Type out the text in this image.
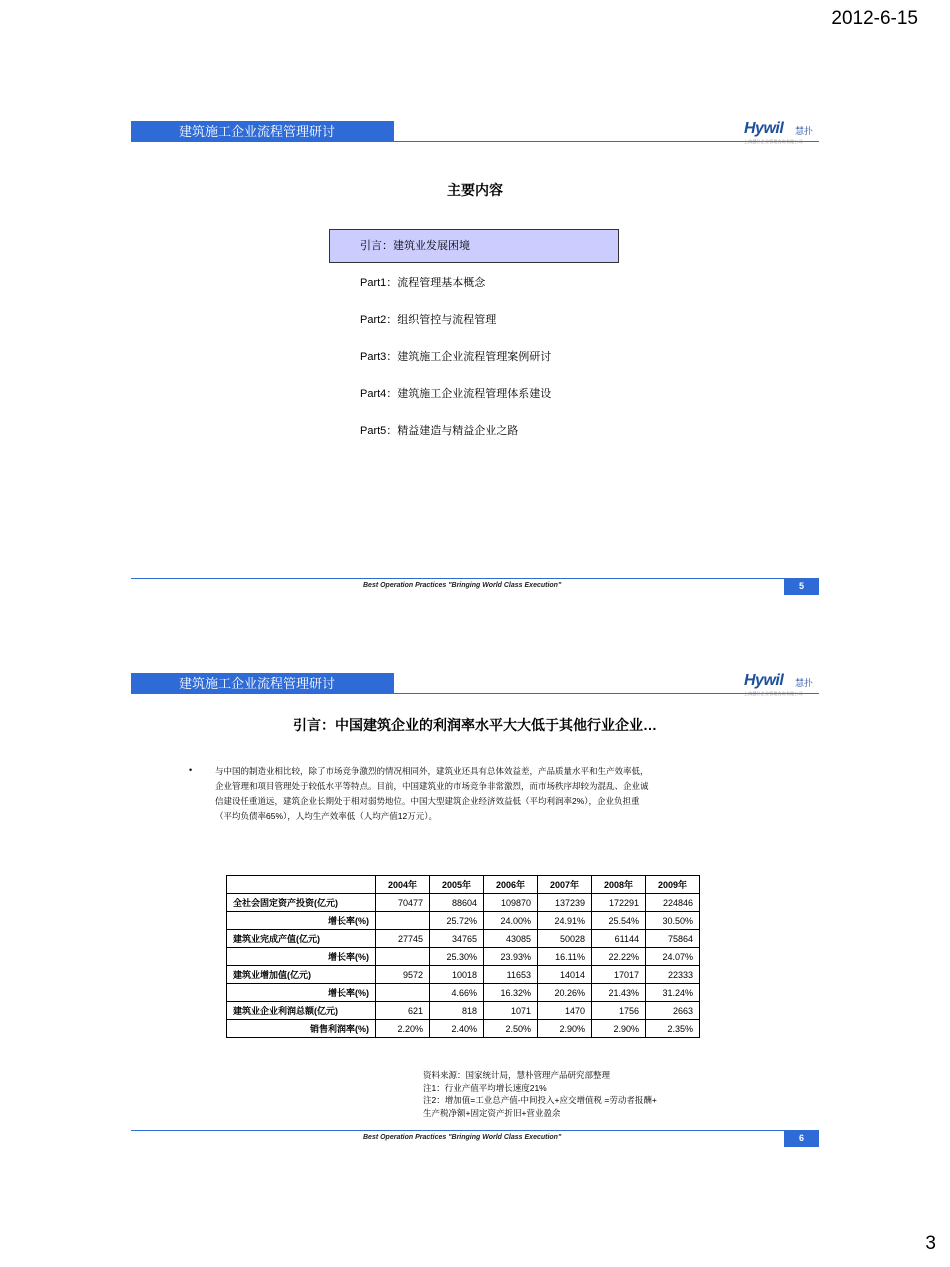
2012-6-15
建筑施工企业流程管理研讨	Hywil 慧扑
上海慧扑企业管理咨询有限公司
主要内容
引言：建筑业发展困境
Part1：流程管理基本概念
Part2：组织管控与流程管理
Part3：建筑施工企业流程管理案例研讨
Part4：建筑施工企业流程管理体系建设
Part5：精益建造与精益企业之路
Best Operation Practices "Bringing World Class Execution"	5
建筑施工企业流程管理研讨	Hywil 慧扑
上海慧扑企业管理咨询有限公司
引言：中国建筑企业的利润率水平大大低于其他行业企业…
•	与中国的制造业相比较，除了市场竞争激烈的情况相同外，建筑业还具有总体效益差，产品质量水平和生产效率低，
企业管理和项目管理处于较低水平等特点。目前，中国建筑业的市场竞争非常激烈，而市场秩序却较为混乱、企业诚
信建设任重道远，建筑企业长期处于相对弱势地位。中国大型建筑企业经济效益低（平均利润率2%），企业负担重
（平均负债率65%），人均生产效率低（人均产值12万元）。
	2004年	2005年	2006年	2007年	2008年	2009年
全社会固定资产投资(亿元)	70477	88604	109870	137239	172291	224846
增长率(%)		25.72%	24.00%	24.91%	25.54%	30.50%
建筑业完成产值(亿元)	27745	34765	43085	50028	61144	75864
增长率(%)		25.30%	23.93%	16.11%	22.22%	24.07%
建筑业增加值(亿元)	9572	10018	11653	14014	17017	22333
增长率(%)		4.66%	16.32%	20.26%	21.43%	31.24%
建筑业企业利润总额(亿元)	621	818	1071	1470	1756	2663
销售利润率(%)	2.20%	2.40%	2.50%	2.90%	2.90%	2.35%
资料来源：国家统计局，慧朴管理产品研究部整理
注1：行业产值平均增长速度21%
注2：增加值=工业总产值-中间投入+应交增值税 =劳动者报酬+
生产税净额+固定资产折旧+营业盈余
Best Operation Practices "Bringing World Class Execution"	6
3
